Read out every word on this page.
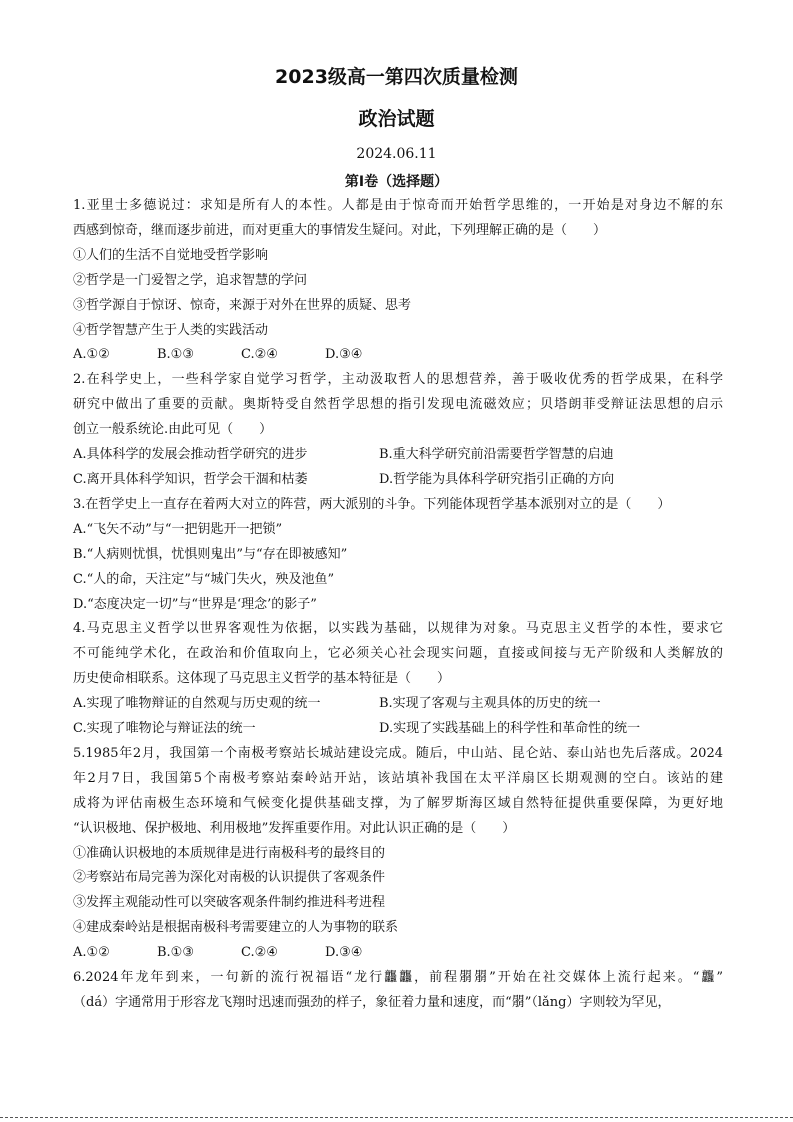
2023级高一第四次质量检测
政治试题
2024.06.11
第Ⅰ卷（选择题）

1.亚里士多德说过：求知是所有人的本性。人都是由于惊奇而开始哲学思维的，一开始是对身边不解的东

西感到惊奇，继而逐步前进，而对更重大的事情发生疑问。对此，下列理解正确的是（　　）

①人们的生活不自觉地受哲学影响

②哲学是一门爱智之学，追求智慧的学问

③哲学源自于惊讶、惊奇，来源于对外在世界的质疑、思考

④哲学智慧产生于人类的实践活动

A.①②	B.①③	C.②④	D.③④

2.在科学史上，一些科学家自觉学习哲学，主动汲取哲人的思想营养，善于吸收优秀的哲学成果，在科学

研究中做出了重要的贡献。奥斯特受自然哲学思想的指引发现电流磁效应；贝塔朗菲受辩证法思想的启示

创立一般系统论.由此可见（　　）

A.具体科学的发展会推动哲学研究的进步	B.重大科学研究前沿需要哲学智慧的启迪
C.离开具体科学知识，哲学会干涸和枯萎	D.哲学能为具体科学研究指引正确的方向

3.在哲学史上一直存在着两大对立的阵营，两大派别的斗争。下列能体现哲学基本派别对立的是（　　）

A.“飞矢不动”与“一把钥匙开一把锁”

B.“人病则忧惧，忧惧则鬼出”与“存在即被感知”

C.“人的命，天注定”与“城门失火，殃及池鱼”

D.“态度决定一切”与“世界是‘理念’的影子”

4.马克思主义哲学以世界客观性为依据，以实践为基础，以规律为对象。马克思主义哲学的本性，要求它

不可能纯学术化，在政治和价值取向上，它必须关心社会现实问题，直接或间接与无产阶级和人类解放的

历史使命相联系。这体现了马克思主义哲学的基本特征是（　　）

A.实现了唯物辩证的自然观与历史观的统一	B.实现了客观与主观具体的历史的统一
C.实现了唯物论与辩证法的统一	D.实现了实践基础上的科学性和革命性的统一

5.1985年2月，我国第一个南极考察站长城站建设完成。随后，中山站、昆仑站、泰山站也先后落成。2024

年2月7日，我国第5个南极考察站秦岭站开站，该站填补我国在太平洋扇区长期观测的空白。该站的建

成将为评估南极生态环境和气候变化提供基础支撑，为了解罗斯海区域自然特征提供重要保障，为更好地

“认识极地、保护极地、利用极地”发挥重要作用。对此认识正确的是（　　）

①准确认识极地的本质规律是进行南极科考的最终目的

②考察站布局完善为深化对南极的认识提供了客观条件

③发挥主观能动性可以突破客观条件制约推进科考进程

④建成秦岭站是根据南极科考需要建立的人为事物的联系

A.①②	B.①③	C.②④	D.③④

6.2024年龙年到来，一句新的流行祝福语“龙行龘龘，前程朤朤”开始在社交媒体上流行起来。“龘”

（dá）字通常用于形容龙飞翔时迅速而强劲的样子，象征着力量和速度，而“朤”（lǎng）字则较为罕见，
